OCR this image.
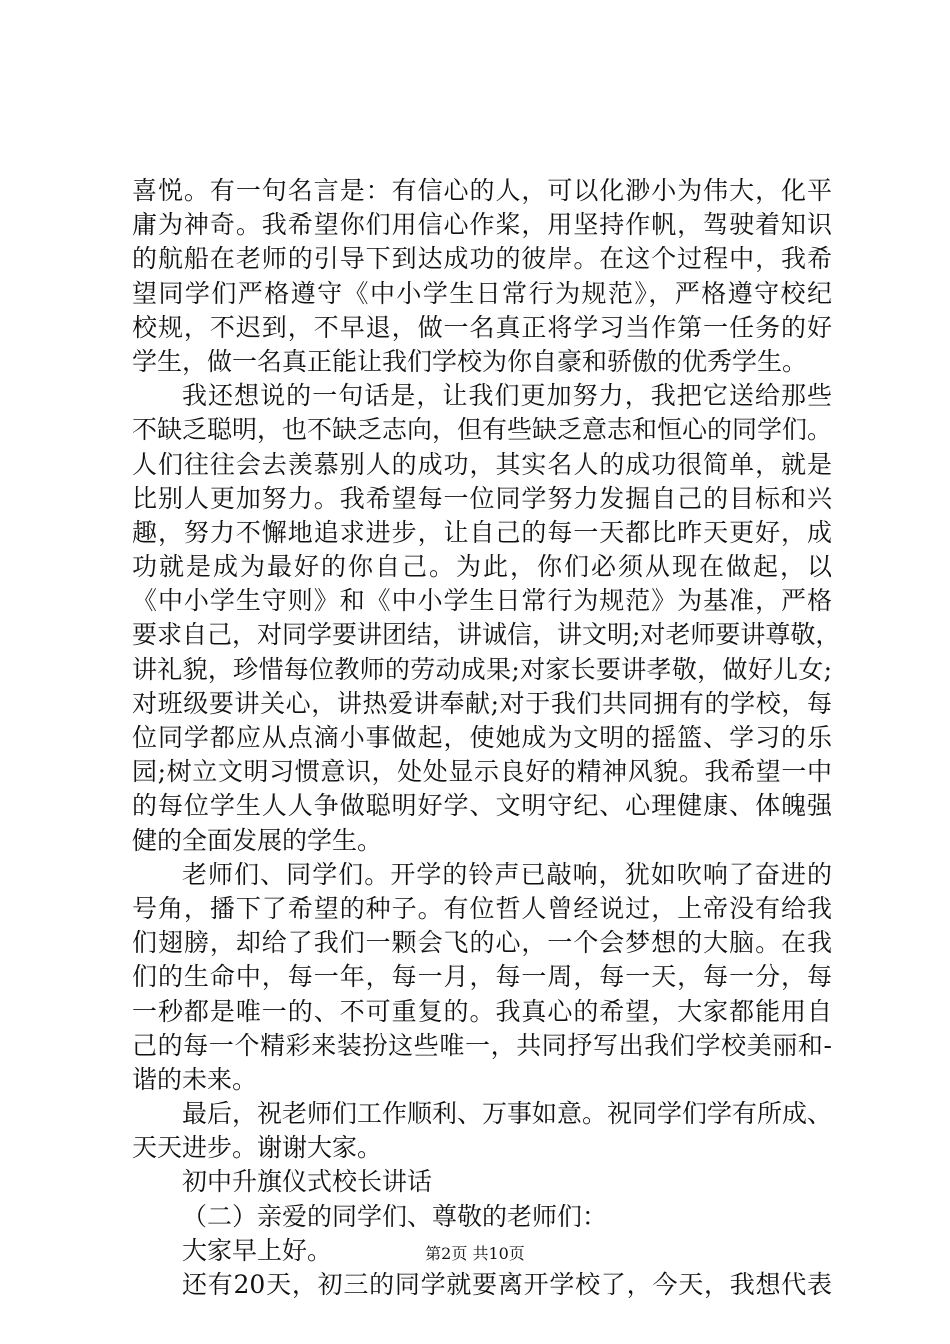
喜悦。有一句名言是：有信心的人，可以化渺小为伟大，化平
庸为神奇。我希望你们用信心作桨，用坚持作帆，驾驶着知识
的航船在老师的引导下到达成功的彼岸。在这个过程中，我希
望同学们严格遵守《中小学生日常行为规范》，严格遵守校纪
校规，不迟到，不早退，做一名真正将学习当作第一任务的好
学生，做一名真正能让我们学校为你自豪和骄傲的优秀学生。
我还想说的一句话是，让我们更加努力，我把它送给那些
不缺乏聪明，也不缺乏志向，但有些缺乏意志和恒心的同学们。
人们往往会去羡慕别人的成功，其实名人的成功很简单，就是
比别人更加努力。我希望每一位同学努力发掘自己的目标和兴
趣，努力不懈地追求进步，让自己的每一天都比昨天更好，成
功就是成为最好的你自己。为此，你们必须从现在做起，以
《中小学生守则》和《中小学生日常行为规范》为基准，严格
要求自己，对同学要讲团结，讲诚信，讲文明;对老师要讲尊敬，
讲礼貌，珍惜每位教师的劳动成果;对家长要讲孝敬，做好儿女;
对班级要讲关心，讲热爱讲奉献;对于我们共同拥有的学校，每
位同学都应从点滴小事做起，使她成为文明的摇篮、学习的乐
园;树立文明习惯意识，处处显示良好的精神风貌。我希望一中
的每位学生人人争做聪明好学、文明守纪、心理健康、体魄强
健的全面发展的学生。
老师们、同学们。开学的铃声已敲响，犹如吹响了奋进的
号角，播下了希望的种子。有位哲人曾经说过，上帝没有给我
们翅膀，却给了我们一颗会飞的心，一个会梦想的大脑。在我
们的生命中，每一年，每一月，每一周，每一天，每一分，每
一秒都是唯一的、不可重复的。我真心的希望，大家都能用自
己的每一个精彩来装扮这些唯一，共同抒写出我们学校美丽和-
谐的未来。
最后，祝老师们工作顺利、万事如意。祝同学们学有所成、
天天进步。谢谢大家。
初中升旗仪式校长讲话
（二）亲爱的同学们、尊敬的老师们：
大家早上好。
还有20天，初三的同学就要离开学校了，今天，我想代表
第2页 共10页
